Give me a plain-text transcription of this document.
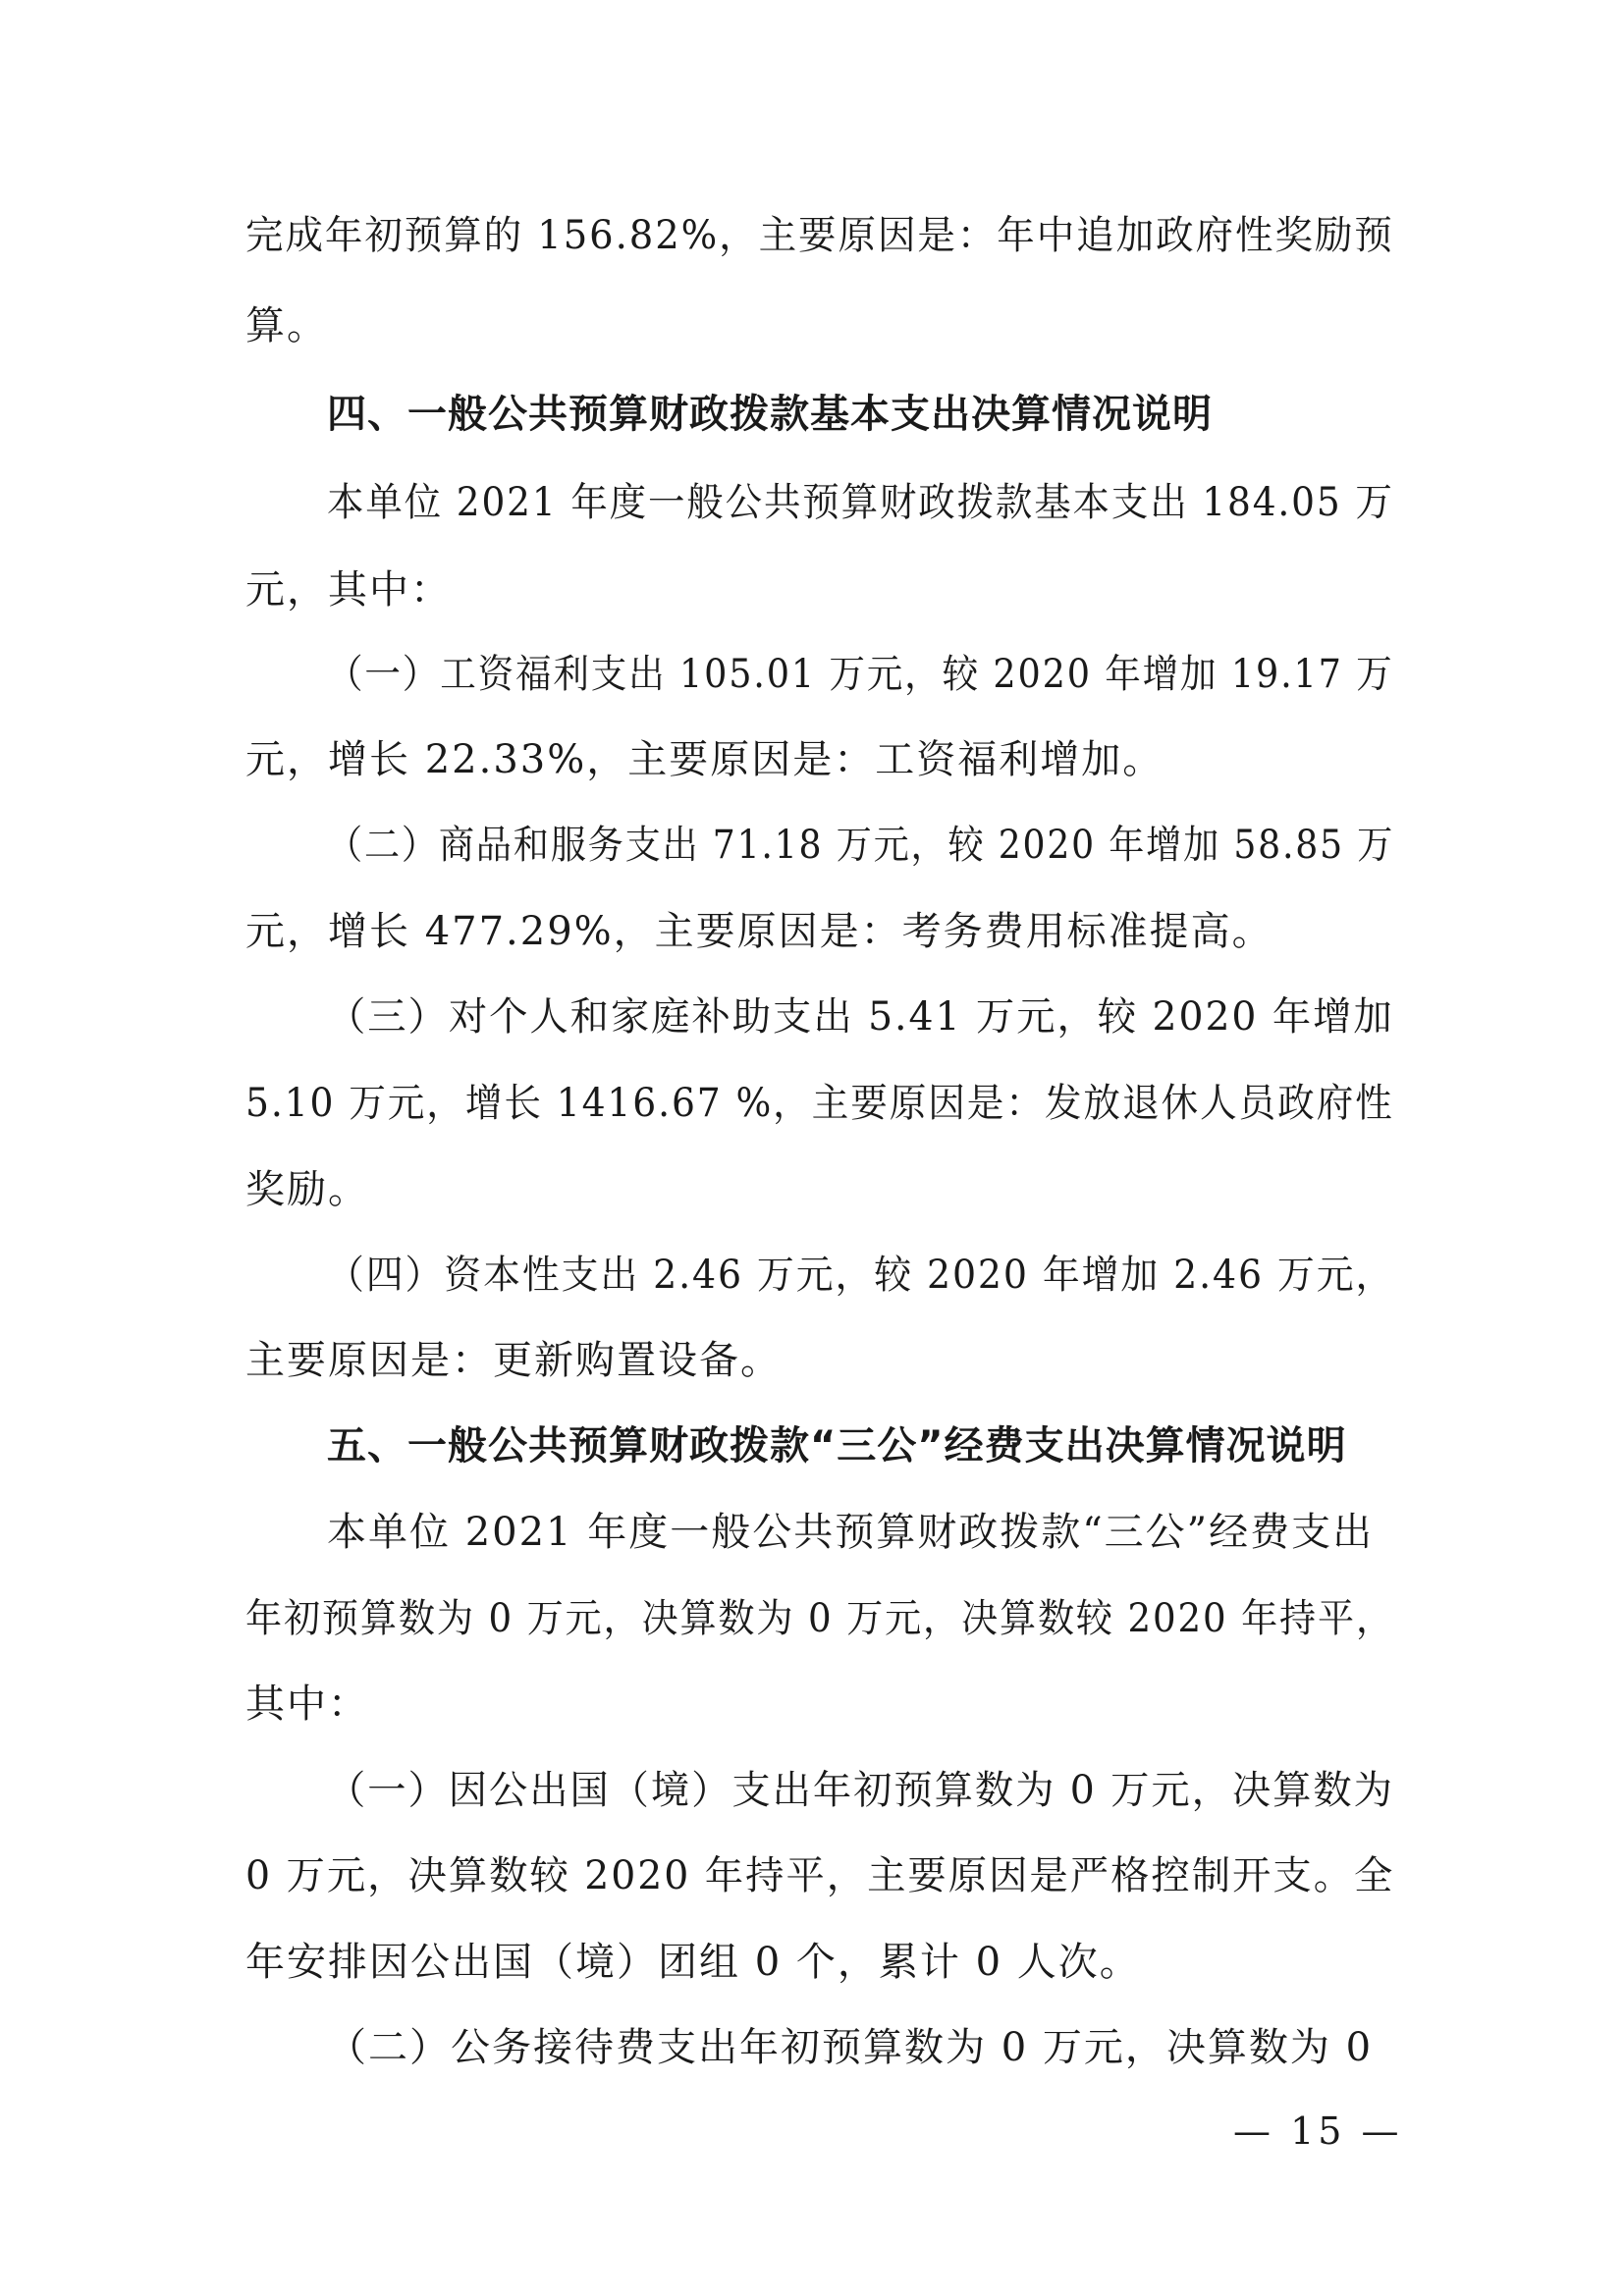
完成年初预算的 156.82%，主要原因是：年中追加政府性奖励预
算。
四、一般公共预算财政拨款基本支出决算情况说明
本单位 2021 年度一般公共预算财政拨款基本支出 184.05 万
元，其中：
（一）工资福利支出 105.01 万元，较 2020 年增加 19.17 万
元，增长 22.33%，主要原因是：工资福利增加。
（二）商品和服务支出 71.18 万元，较 2020 年增加 58.85 万
元，增长 477.29%，主要原因是：考务费用标准提高。
（三）对个人和家庭补助支出 5.41 万元，较 2020 年增加
5.10 万元，增长 1416.67 %，主要原因是：发放退休人员政府性
奖励。
（四）资本性支出 2.46 万元，较 2020 年增加 2.46 万元，
主要原因是：更新购置设备。
五、一般公共预算财政拨款“三公”经费支出决算情况说明
本单位 2021 年度一般公共预算财政拨款“三公”经费支出
年初预算数为 0 万元，决算数为 0 万元，决算数较 2020 年持平，
其中：
（一）因公出国（境）支出年初预算数为 0 万元，决算数为
0 万元，决算数较 2020 年持平，主要原因是严格控制开支。全
年安排因公出国（境）团组 0 个，累计 0 人次。
（二）公务接待费支出年初预算数为 0 万元，决算数为 0
— 15 —
